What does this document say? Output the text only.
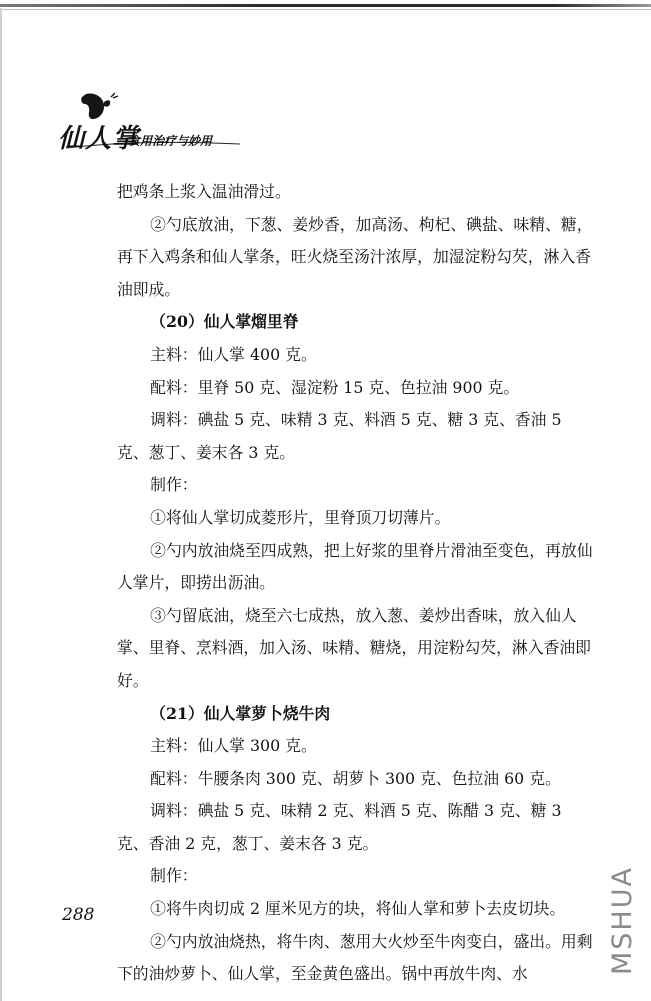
仙人掌
食用治疗与妙用

把鸡条上浆入温油滑过。

②勺底放油，下葱、姜炒香，加高汤、枸杞、碘盐、味精、糖，再下入鸡条和仙人掌条，旺火烧至汤汁浓厚，加湿淀粉勾芡，淋入香油即成。

（20）仙人掌熘里脊

主料：仙人掌 400 克。

配料：里脊 50 克、湿淀粉 15 克、色拉油 900 克。

调料：碘盐 5 克、味精 3 克、料酒 5 克、糖 3 克、香油 5 克、葱丁、姜末各 3 克。

制作：

①将仙人掌切成菱形片，里脊顶刀切薄片。

②勺内放油烧至四成熟，把上好浆的里脊片滑油至变色，再放仙人掌片，即捞出沥油。

③勺留底油，烧至六七成热，放入葱、姜炒出香味，放入仙人掌、里脊、烹料酒，加入汤、味精、糖烧，用淀粉勾芡，淋入香油即好。

（21）仙人掌萝卜烧牛肉

主料：仙人掌 300 克。

配料：牛腰条肉 300 克、胡萝卜 300 克、色拉油 60 克。

调料：碘盐 5 克、味精 2 克、料酒 5 克、陈醋 3 克、糖 3 克、香油 2 克，葱丁、姜末各 3 克。

制作：

①将牛肉切成 2 厘米见方的块，将仙人掌和萝卜去皮切块。

②勺内放油烧热，将牛肉、葱用大火炒至牛肉变白，盛出。用剩下的油炒萝卜、仙人掌，至金黄色盛出。锅中再放牛肉、水

288	MSHUA
